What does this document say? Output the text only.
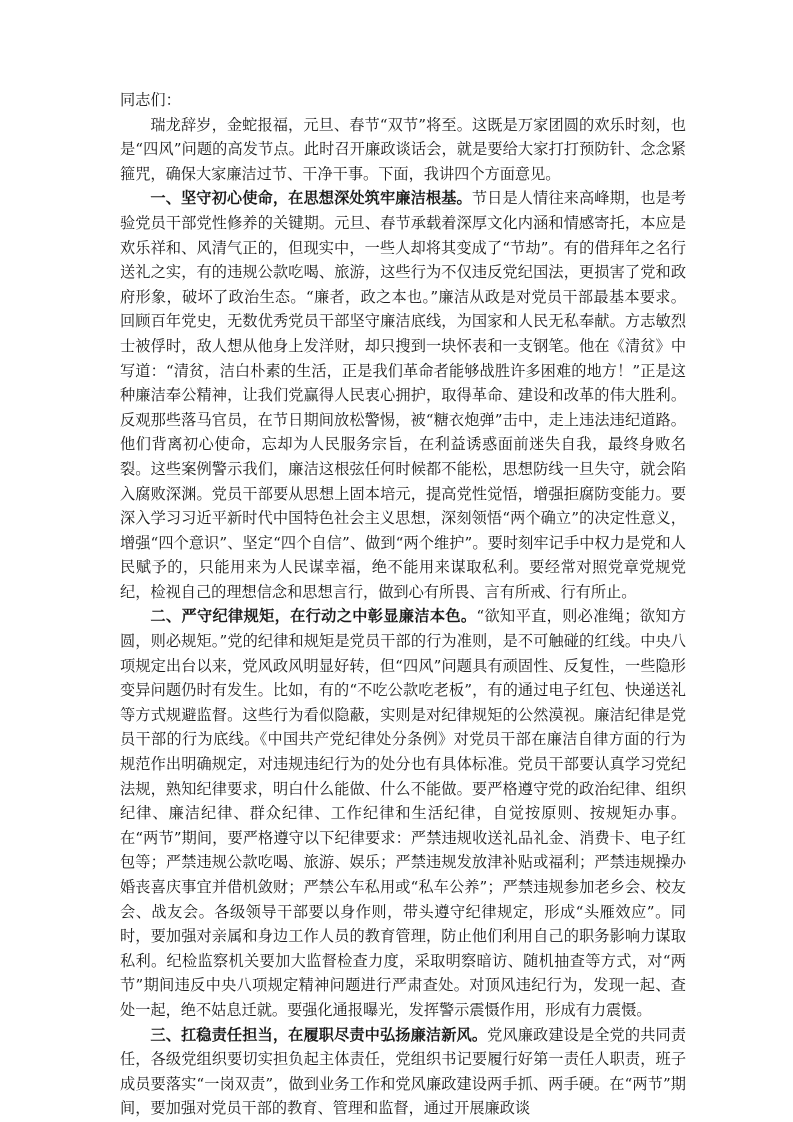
同志们：

瑞龙辞岁，金蛇报福，元旦、春节“双节”将至。这既是万家团圆的欢乐时刻，也是“四风”问题的高发节点。此时召开廉政谈话会，就是要给大家打打预防针、念念紧箍咒，确保大家廉洁过节、干净干事。下面，我讲四个方面意见。

一、坚守初心使命，在思想深处筑牢廉洁根基。节日是人情往来高峰期，也是考验党员干部党性修养的关键期。元旦、春节承载着深厚文化内涵和情感寄托，本应是欢乐祥和、风清气正的，但现实中，一些人却将其变成了“节劫”。有的借拜年之名行送礼之实，有的违规公款吃喝、旅游，这些行为不仅违反党纪国法，更损害了党和政府形象，破坏了政治生态。“廉者，政之本也。”廉洁从政是对党员干部最基本要求。回顾百年党史，无数优秀党员干部坚守廉洁底线，为国家和人民无私奉献。方志敏烈士被俘时，敌人想从他身上发洋财，却只搜到一块怀表和一支钢笔。他在《清贫》中写道：“清贫，洁白朴素的生活，正是我们革命者能够战胜许多困难的地方！”正是这种廉洁奉公精神，让我们党赢得人民衷心拥护，取得革命、建设和改革的伟大胜利。反观那些落马官员，在节日期间放松警惕，被“糖衣炮弹”击中，走上违法违纪道路。他们背离初心使命，忘却为人民服务宗旨，在利益诱惑面前迷失自我，最终身败名裂。这些案例警示我们，廉洁这根弦任何时候都不能松，思想防线一旦失守，就会陷入腐败深渊。党员干部要从思想上固本培元，提高党性觉悟，增强拒腐防变能力。要深入学习习近平新时代中国特色社会主义思想，深刻领悟“两个确立”的决定性意义，增强“四个意识”、坚定“四个自信”、做到“两个维护”。要时刻牢记手中权力是党和人民赋予的，只能用来为人民谋幸福，绝不能用来谋取私利。要经常对照党章党规党纪，检视自己的理想信念和思想言行，做到心有所畏、言有所戒、行有所止。

二、严守纪律规矩，在行动之中彰显廉洁本色。“欲知平直，则必准绳；欲知方圆，则必规矩。”党的纪律和规矩是党员干部的行为准则，是不可触碰的红线。中央八项规定出台以来，党风政风明显好转，但“四风”问题具有顽固性、反复性，一些隐形变异问题仍时有发生。比如，有的“不吃公款吃老板”，有的通过电子红包、快递送礼等方式规避监督。这些行为看似隐蔽，实则是对纪律规矩的公然漠视。廉洁纪律是党员干部的行为底线。《中国共产党纪律处分条例》对党员干部在廉洁自律方面的行为规范作出明确规定，对违规违纪行为的处分也有具体标准。党员干部要认真学习党纪法规，熟知纪律要求，明白什么能做、什么不能做。要严格遵守党的政治纪律、组织纪律、廉洁纪律、群众纪律、工作纪律和生活纪律，自觉按原则、按规矩办事。在“两节”期间，要严格遵守以下纪律要求：严禁违规收送礼品礼金、消费卡、电子红包等；严禁违规公款吃喝、旅游、娱乐；严禁违规发放津补贴或福利；严禁违规操办婚丧喜庆事宜并借机敛财；严禁公车私用或“私车公养”；严禁违规参加老乡会、校友会、战友会。各级领导干部要以身作则，带头遵守纪律规定，形成“头雁效应”。同时，要加强对亲属和身边工作人员的教育管理，防止他们利用自己的职务影响力谋取私利。纪检监察机关要加大监督检查力度，采取明察暗访、随机抽查等方式，对“两节”期间违反中央八项规定精神问题进行严肃查处。对顶风违纪行为，发现一起、查处一起，绝不姑息迁就。要强化通报曝光，发挥警示震慑作用，形成有力震慑。

三、扛稳责任担当，在履职尽责中弘扬廉洁新风。党风廉政建设是全党的共同责任，各级党组织要切实担负起主体责任，党组织书记要履行好第一责任人职责，班子成员要落实“一岗双责”，做到业务工作和党风廉政建设两手抓、两手硬。在“两节”期间，要加强对党员干部的教育、管理和监督，通过开展廉政谈
